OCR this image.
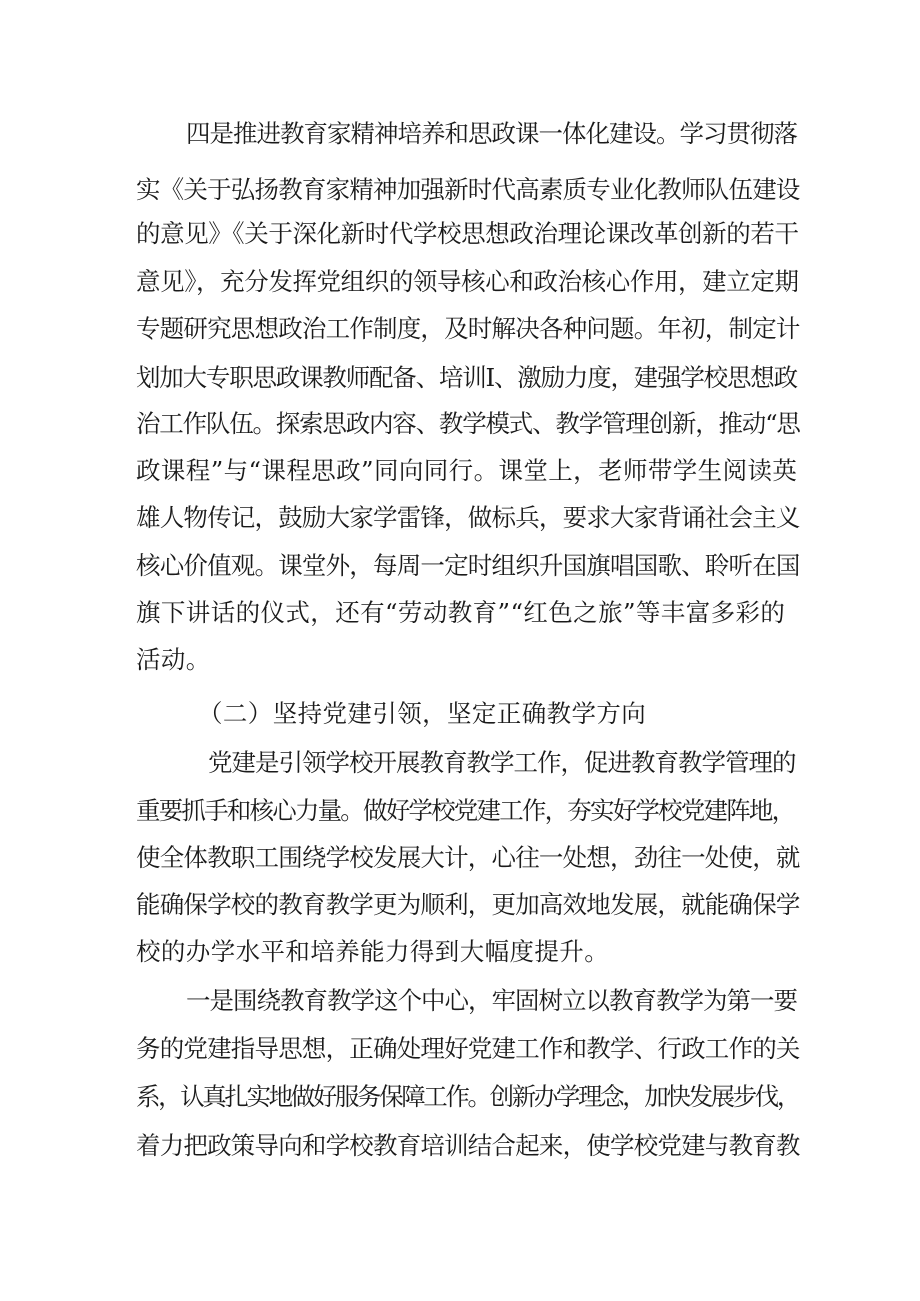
四是推进教育家精神培养和思政课一体化建设。学习贯彻落

实《关于弘扬教育家精神加强新时代高素质专业化教师队伍建设

的意见》《关于深化新时代学校思想政治理论课改革创新的若干

意见》，充分发挥党组织的领导核心和政治核心作用，建立定期

专题研究思想政治工作制度，及时解决各种问题。年初，制定计

划加大专职思政课教师配备、培训I、激励力度，建强学校思想政

治工作队伍。探索思政内容、教学模式、教学管理创新，推动“思

政课程”与“课程思政”同向同行。课堂上，老师带学生阅读英

雄人物传记，鼓励大家学雷锋，做标兵，要求大家背诵社会主义

核心价值观。课堂外，每周一定时组织升国旗唱国歌、聆听在国

旗下讲话的仪式，还有“劳动教育”“红色之旅”等丰富多彩的

活动。

（二）坚持党建引领，坚定正确教学方向

党建是引领学校开展教育教学工作，促进教育教学管理的

重要抓手和核心力量。做好学校党建工作，夯实好学校党建阵地，

使全体教职工围绕学校发展大计，心往一处想，劲往一处使，就

能确保学校的教育教学更为顺利，更加高效地发展，就能确保学

校的办学水平和培养能力得到大幅度提升。

一是围绕教育教学这个中心，牢固树立以教育教学为第一要

务的党建指导思想，正确处理好党建工作和教学、行政工作的关

系，认真扎实地做好服务保障工作。创新办学理念，加快发展步伐，

着力把政策导向和学校教育培训结合起来，使学校党建与教育教
